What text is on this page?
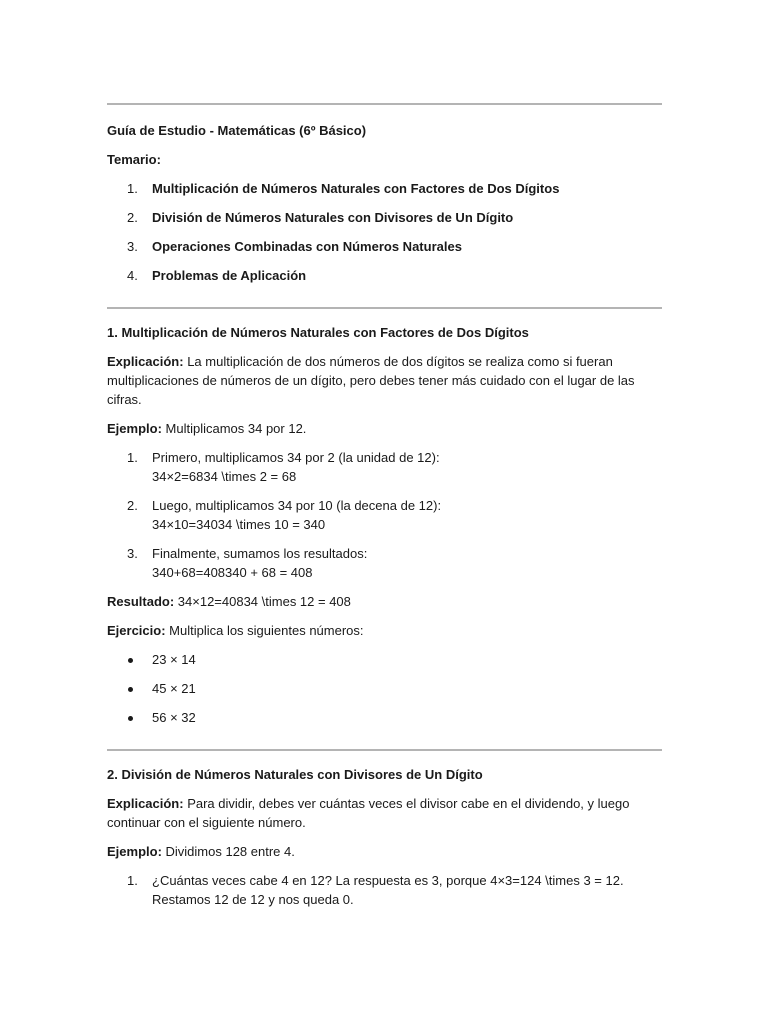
Guía de Estudio - Matemáticas (6º Básico)

Temario:

1.	Multiplicación de Números Naturales con Factores de Dos Dígitos
2.	División de Números Naturales con Divisores de Un Dígito
3.	Operaciones Combinadas con Números Naturales
4.	Problemas de Aplicación

1. Multiplicación de Números Naturales con Factores de Dos Dígitos

Explicación: La multiplicación de dos números de dos dígitos se realiza como si fueran multiplicaciones de números de un dígito, pero debes tener más cuidado con el lugar de las cifras.

Ejemplo: Multiplicamos 34 por 12.

1.	Primero, multiplicamos 34 por 2 (la unidad de 12):
34×2=6834 \times 2 = 68
2.	Luego, multiplicamos 34 por 10 (la decena de 12):
34×10=34034 \times 10 = 340
3.	Finalmente, sumamos los resultados:
340+68=408340 + 68 = 408

Resultado: 34×12=40834 \times 12 = 408

Ejercicio: Multiplica los siguientes números:

23 × 14
45 × 21
56 × 32

2. División de Números Naturales con Divisores de Un Dígito

Explicación: Para dividir, debes ver cuántas veces el divisor cabe en el dividendo, y luego continuar con el siguiente número.

Ejemplo: Dividimos 128 entre 4.

1.	¿Cuántas veces cabe 4 en 12? La respuesta es 3, porque 4×3=124 \times 3 = 12.
Restamos 12 de 12 y nos queda 0.
